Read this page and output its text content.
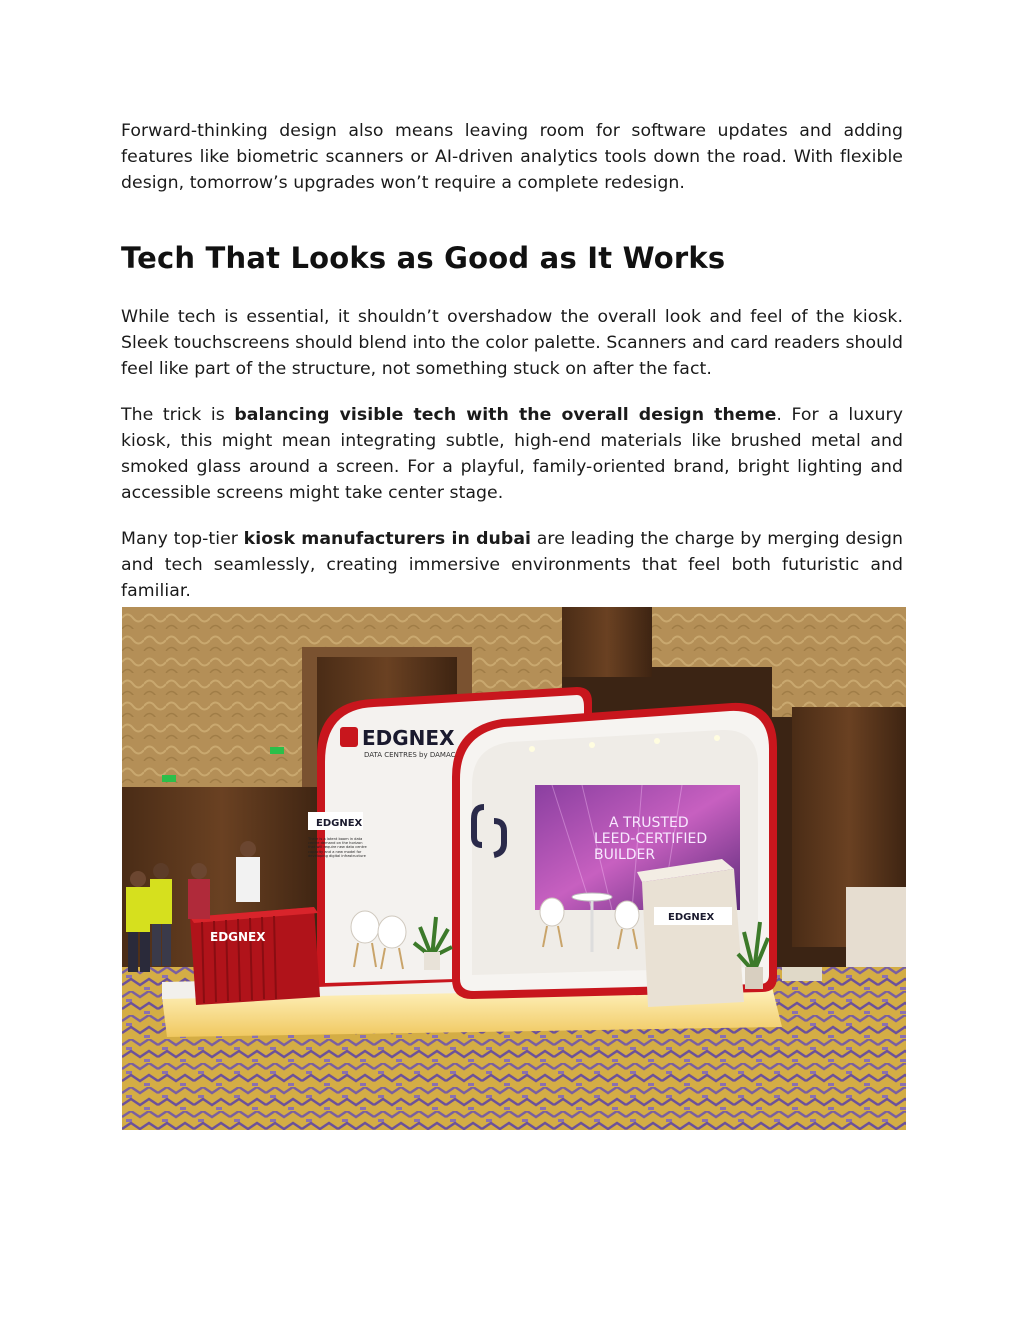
Forward-thinking design also means leaving room for software updates and adding features like biometric scanners or AI-driven analytics tools down the road. With flexible design, tomorrow’s upgrades won’t require a complete redesign.

Tech That Looks as Good as It Works

While tech is essential, it shouldn’t overshadow the overall look and feel of the kiosk. Sleek touchscreens should blend into the color palette. Scanners and card readers should feel like part of the structure, not something stuck on after the fact.

The trick is balancing visible tech with the overall design theme. For a luxury kiosk, this might mean integrating subtle, high-end materials like brushed metal and smoked glass around a screen. For a playful, family-oriented brand, bright lighting and accessible screens might take center stage.

Many top-tier kiosk manufacturers in dubai are leading the charge by merging design and tech seamlessly, creating immersive environments that feel both futuristic and familiar.

A TRUSTED
LEED-CERTIFIED
BUILDER
EDGNEX
DATA CENTRES by DAMAC
EDGNEX
There is a latent boom in data centre demand on the horizon that will require new data centre capacity and a new model for developing digital infrastructure
EDGNEX
EDGNEX
